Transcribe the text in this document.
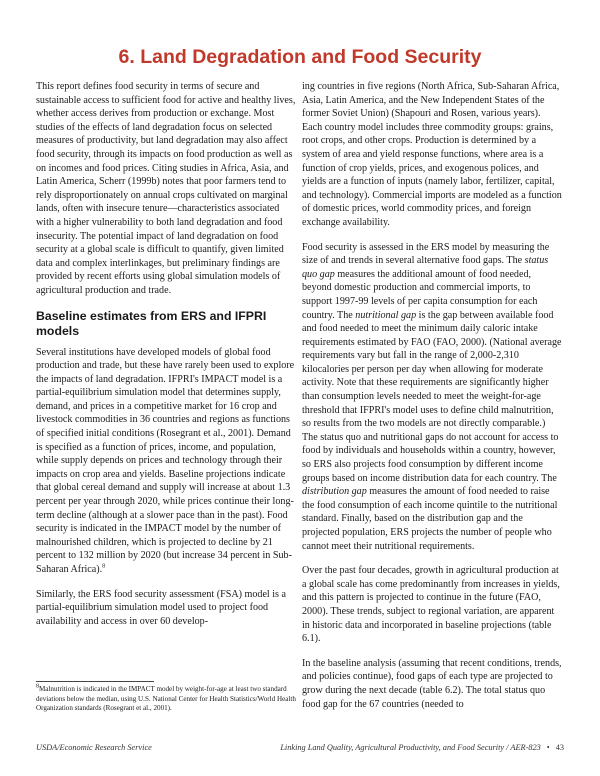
6. Land Degradation and Food Security

This report defines food security in terms of secure and sustainable access to sufficient food for active and healthy lives, whether access derives from production or exchange. Most studies of the effects of land degradation focus on selected measures of productivity, but land degradation may also affect food security, through its impacts on food production as well as on incomes and food prices. Citing studies in Africa, Asia, and Latin America, Scherr (1999b) notes that poor farmers tend to rely disproportionately on annual crops cultivated on marginal lands, often with insecure tenure—characteristics associated with a higher vulnerability to both land degradation and food insecurity. The potential impact of land degradation on food security at a global scale is difficult to quantify, given limited data and complex interlinkages, but preliminary findings are provided by recent efforts using global simulation models of agricultural production and trade.

Baseline estimates from ERS and IFPRI models

Several institutions have developed models of global food production and trade, but these have rarely been used to explore the impacts of land degradation. IFPRI's IMPACT model is a partial-equilibrium simulation model that determines supply, demand, and prices in a competitive market for 16 crop and livestock commodities in 36 countries and regions as functions of specified initial conditions (Rosegrant et al., 2001). Demand is specified as a function of prices, income, and population, while supply depends on prices and technology through their impacts on crop area and yields. Baseline projections indicate that global cereal demand and supply will increase at about 1.3 percent per year through 2020, while prices continue their long-term decline (although at a slower pace than in the past). Food security is indicated in the IMPACT model by the number of malnourished children, which is projected to decline by 21 percent to 132 million by 2020 (but increase 34 percent in Sub-Saharan Africa).$^8$

Similarly, the ERS food security assessment (FSA) model is a partial-equilibrium simulation model used to project food availability and access in over 60 develop-

ing countries in five regions (North Africa, Sub-Saharan Africa, Asia, Latin America, and the New Independent States of the former Soviet Union) (Shapouri and Rosen, various years). Each country model includes three commodity groups: grains, root crops, and other crops. Production is determined by a system of area and yield response functions, where area is a function of crop yields, prices, and exogenous polices, and yields are a function of inputs (namely labor, fertilizer, capital, and technology). Commercial imports are modeled as a function of domestic prices, world commodity prices, and foreign exchange availability.

Food security is assessed in the ERS model by measuring the size of and trends in several alternative food gaps. The status quo gap measures the additional amount of food needed, beyond domestic production and commercial imports, to support 1997-99 levels of per capita consumption for each country. The nutritional gap is the gap between available food and food needed to meet the minimum daily caloric intake requirements estimated by FAO (FAO, 2000). (National average requirements vary but fall in the range of 2,000-2,310 kilocalories per person per day when allowing for moderate activity. Note that these requirements are significantly higher than consumption levels needed to meet the weight-for-age threshold that IFPRI's model uses to define child malnutrition, so results from the two models are not directly comparable.) The status quo and nutritional gaps do not account for access to food by individuals and households within a country, however, so ERS also projects food consumption by different income groups based on income distribution data for each country. The distribution gap measures the amount of food needed to raise the food consumption of each income quintile to the nutritional standard. Finally, based on the distribution gap and the projected population, ERS projects the number of people who cannot meet their nutritional requirements.

Over the past four decades, growth in agricultural production at a global scale has come predominantly from increases in yields, and this pattern is projected to continue in the future (FAO, 2000). These trends, subject to regional variation, are apparent in historic data and incorporated in baseline projections (table 6.1).

In the baseline analysis (assuming that recent conditions, trends, and policies continue), food gaps of each type are projected to grow during the next decade (table 6.2). The total status quo food gap for the 67 countries (needed to

$^8$Malnutrition is indicated in the IMPACT model by weight-for-age at least two standard deviations below the median, using U.S. National Center for Health Statistics/World Health Organization standards (Rosegrant et al., 2001).

USDA/Economic Research Service	Linking Land Quality, Agricultural Productivity, and Food Security / AER-823 • 43
